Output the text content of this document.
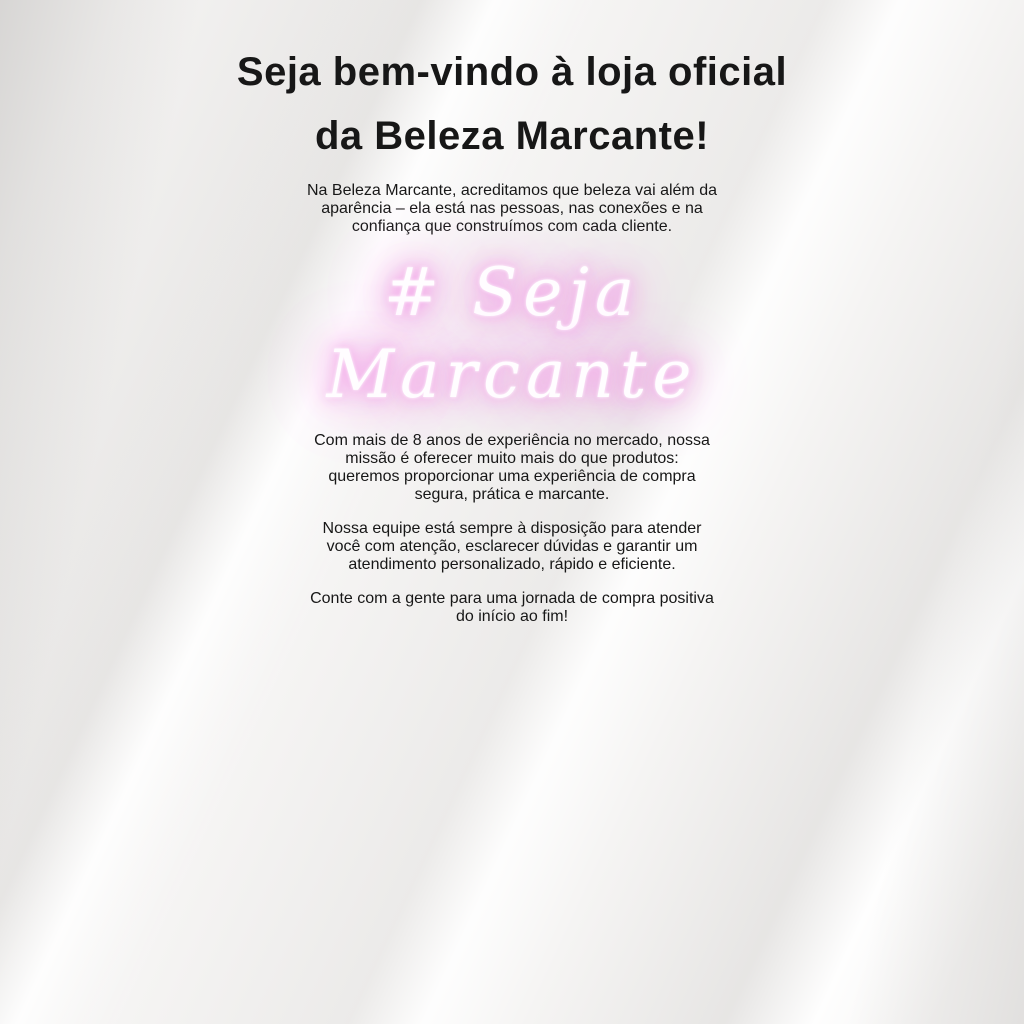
Seja bem-vindo à loja oficial
da Beleza Marcante!

Na Beleza Marcante, acreditamos que beleza vai além da
aparência – ela está nas pessoas, nas conexões e na
confiança que construímos com cada cliente.

# Seja
Marcante

Com mais de 8 anos de experiência no mercado, nossa
missão é oferecer muito mais do que produtos:
queremos proporcionar uma experiência de compra
segura, prática e marcante.

Nossa equipe está sempre à disposição para atender
você com atenção, esclarecer dúvidas e garantir um
atendimento personalizado, rápido e eficiente.

Conte com a gente para uma jornada de compra positiva
do início ao fim!
